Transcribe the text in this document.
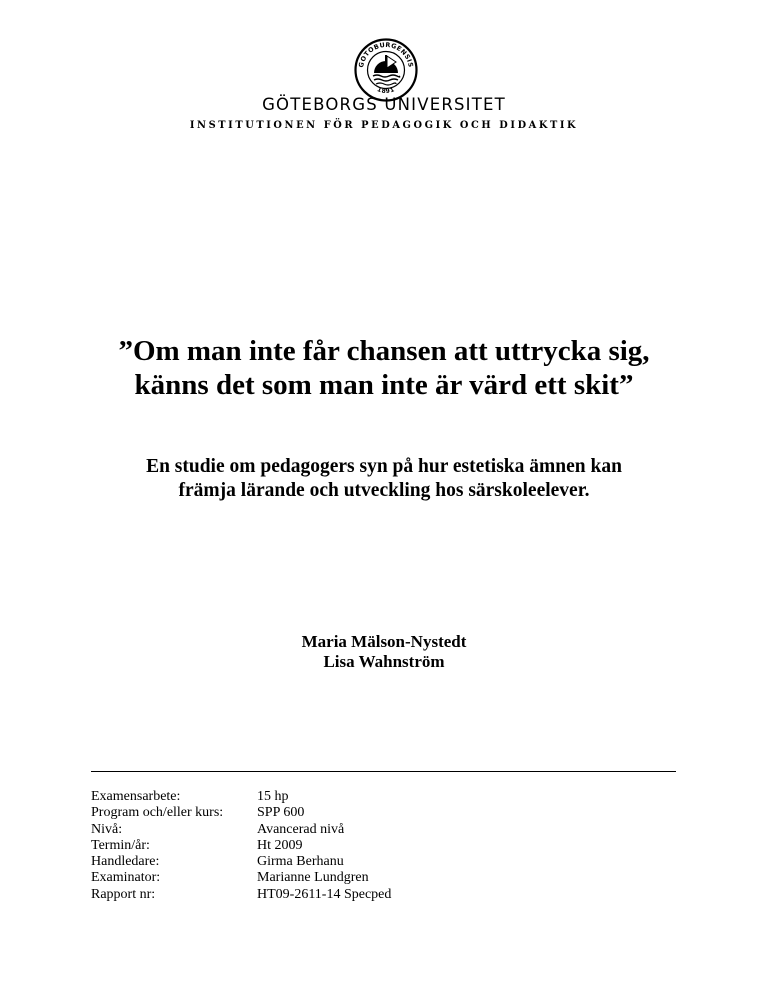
GOTOBURGENSIS
1891
GÖTEBORGS UNIVERSITET
INSTITUTIONEN FÖR PEDAGOGIK OCH DIDAKTIK
”Om man inte får chansen att uttrycka sig,
känns det som man inte är värd ett skit”
En studie om pedagogers syn på hur estetiska ämnen kan
främja lärande och utveckling hos särskoleelever.
Maria Mälson-Nystedt
Lisa Wahnström
Examensarbete:	15 hp
Program och/eller kurs:	SPP 600
Nivå:	Avancerad nivå
Termin/år:	Ht 2009
Handledare:	Girma Berhanu
Examinator:	Marianne Lundgren
Rapport nr:	HT09-2611-14 Specped
